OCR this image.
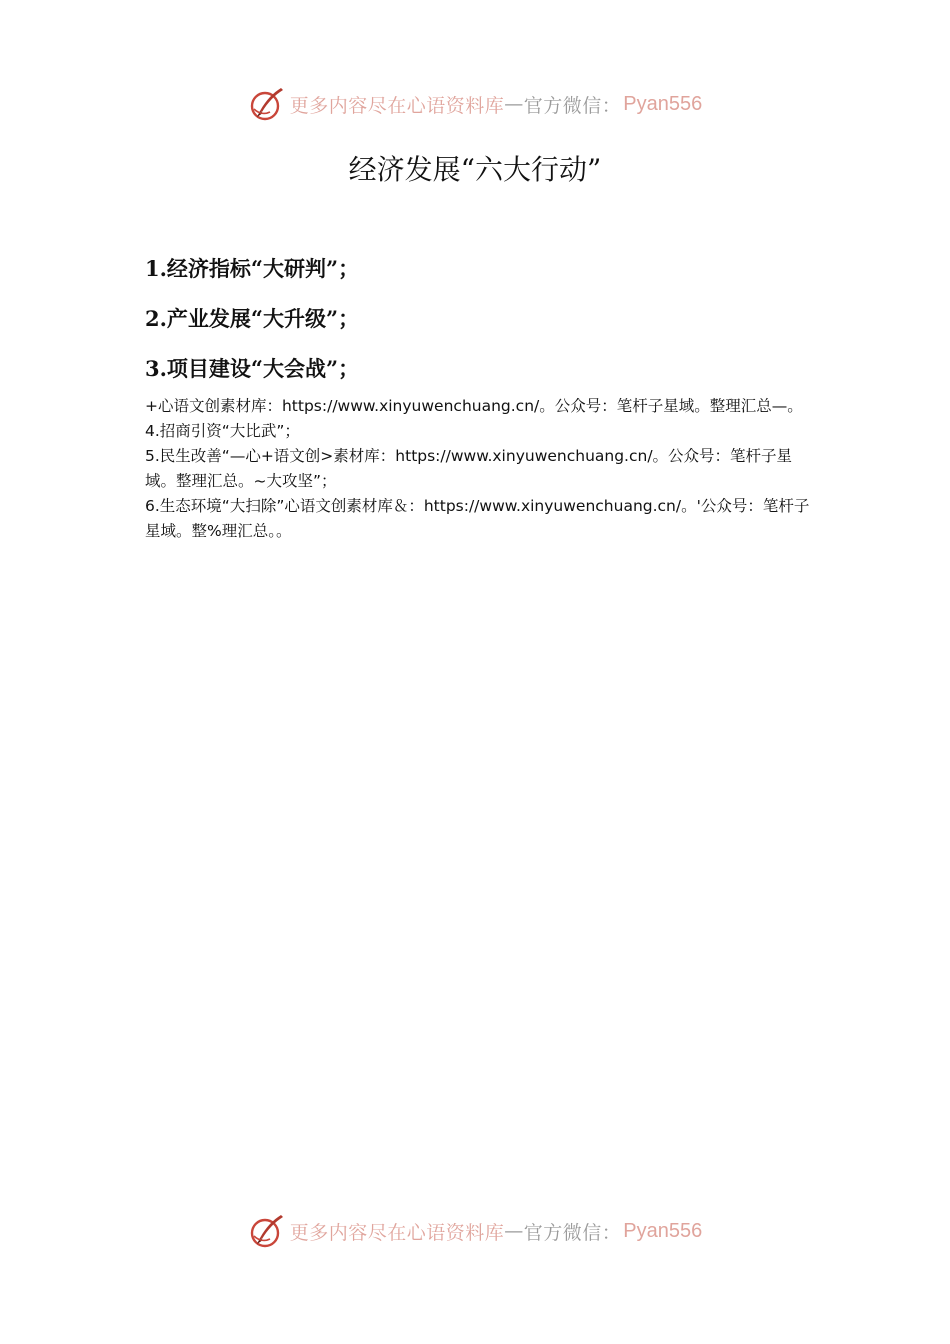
更多内容尽在心语资料库 — 官方微信： Pyan556
经济发展“六大行动”
1.经济指标“大研判”；
2.产业发展“大升级”；
3.项目建设“大会战”；

+心语文创素材库：https://www.xinyuwenchuang.cn/。公众号：笔杆子星域。整理汇总—。4.招商引资“大比武”；

5.民生改善“—心+语文创>素材库：https://www.xinyuwenchuang.cn/。公众号：笔杆子星域。整理汇总。~大攻坚”；

6.生态环境“大扫除”心语文创素材库＆：https://www.xinyuwenchuang.cn/。'公众号：笔杆子星域。整%理汇总。。

更多内容尽在心语资料库 — 官方微信： Pyan556
